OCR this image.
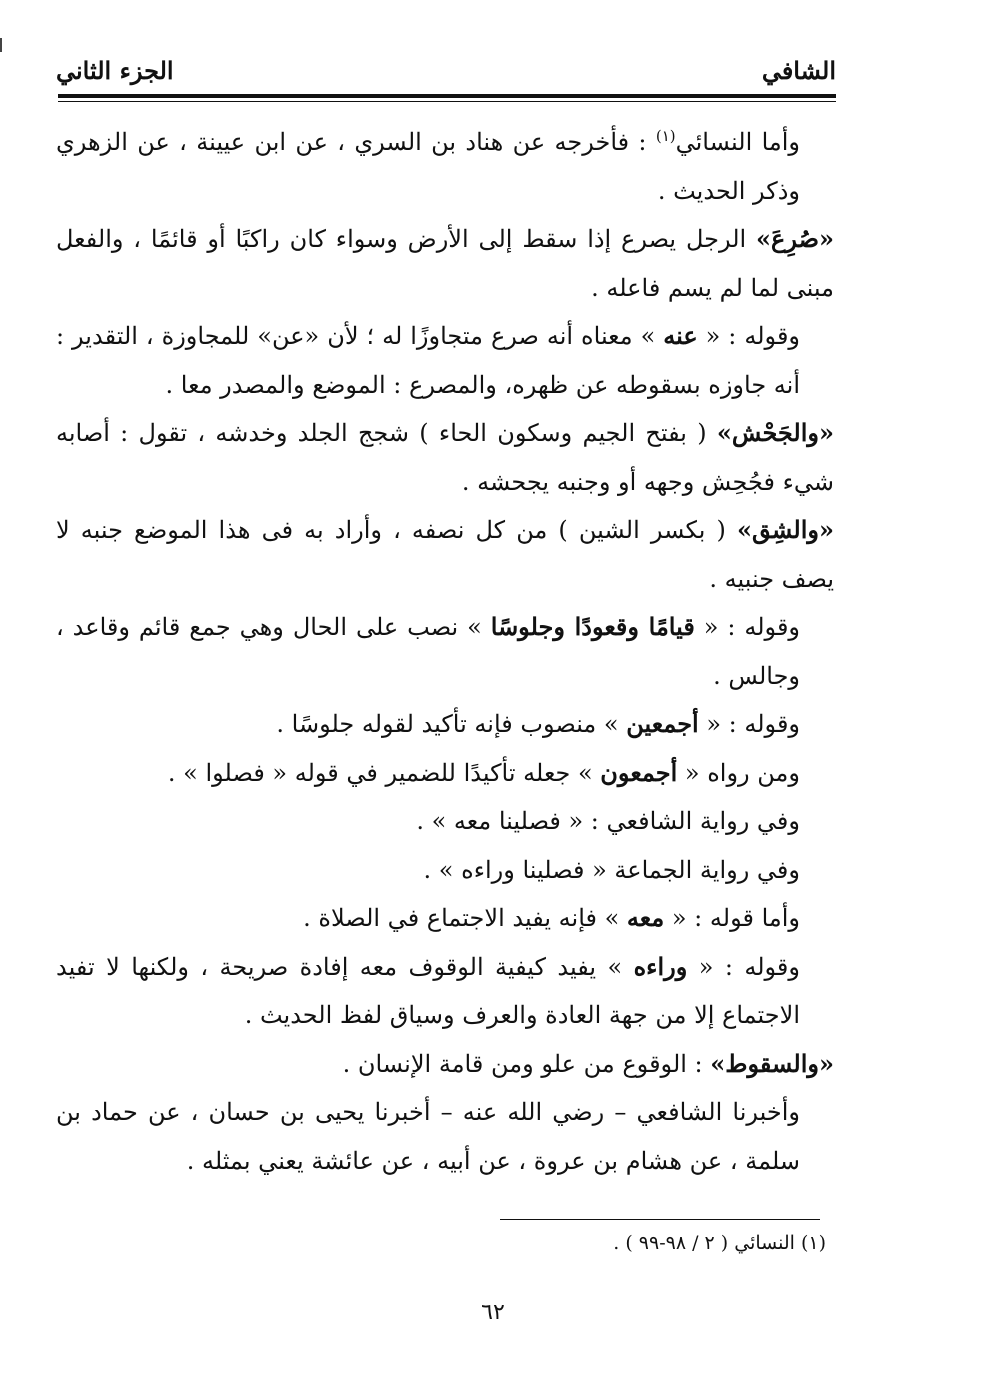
الشافي
الجزء الثاني

وأما النسائي$^{(١)}$ : فأخرجه عن هناد بن السري ، عن ابن عيينة ، عن الزهري وذكر الحديث .

«صُرِعَ» الرجل يصرع إذا سقط إلى الأرض وسواء كان راكبًا أو قائمًا ، والفعل مبنى لما لم يسم فاعله .

وقوله : « عنه » معناه أنه صرع متجاوزًا له ؛ لأن «عن» للمجاوزة ، التقدير : أنه جاوزه بسقوطه عن ظهره، والمصرع : الموضع والمصدر معا .

«والجَحْش» ( بفتح الجيم وسكون الحاء ) شجج الجلد وخدشه ، تقول : أصابه شيء فجُحِش وجهه أو وجنبه يجحشه .

«والشِق» ( بكسر الشين ) من كل نصفه ، وأراد به فى هذا الموضع جنبه لا يصف جنبيه .

وقوله : « قيامًا وقعودًا وجلوسًا » نصب على الحال وهي جمع قائم وقاعد ، وجالس .

وقوله : « أجمعين » منصوب فإنه تأكيد لقوله جلوسًا .

ومن رواه « أجمعون » جعله تأكيدًا للضمير في قوله « فصلوا » .

وفي رواية الشافعي : « فصلينا معه » .

وفي رواية الجماعة « فصلينا وراءه » .

وأما قوله : « معه » فإنه يفيد الاجتماع في الصلاة .

وقوله : « وراءه » يفيد كيفية الوقوف معه إفادة صريحة ، ولكنها لا تفيد الاجتماع إلا من جهة العادة والعرف وسياق لفظ الحديث .

«والسقوط» : الوقوع من علو ومن قامة الإنسان .

وأخبرنا الشافعي – رضي الله عنه – أخبرنا يحيى بن حسان ، عن حماد بن سلمة ، عن هشام بن عروة ، عن أبيه ، عن عائشة يعني بمثله .

(١) النسائي ( ٢ / ٩٨-٩٩ ) .
٦٢
